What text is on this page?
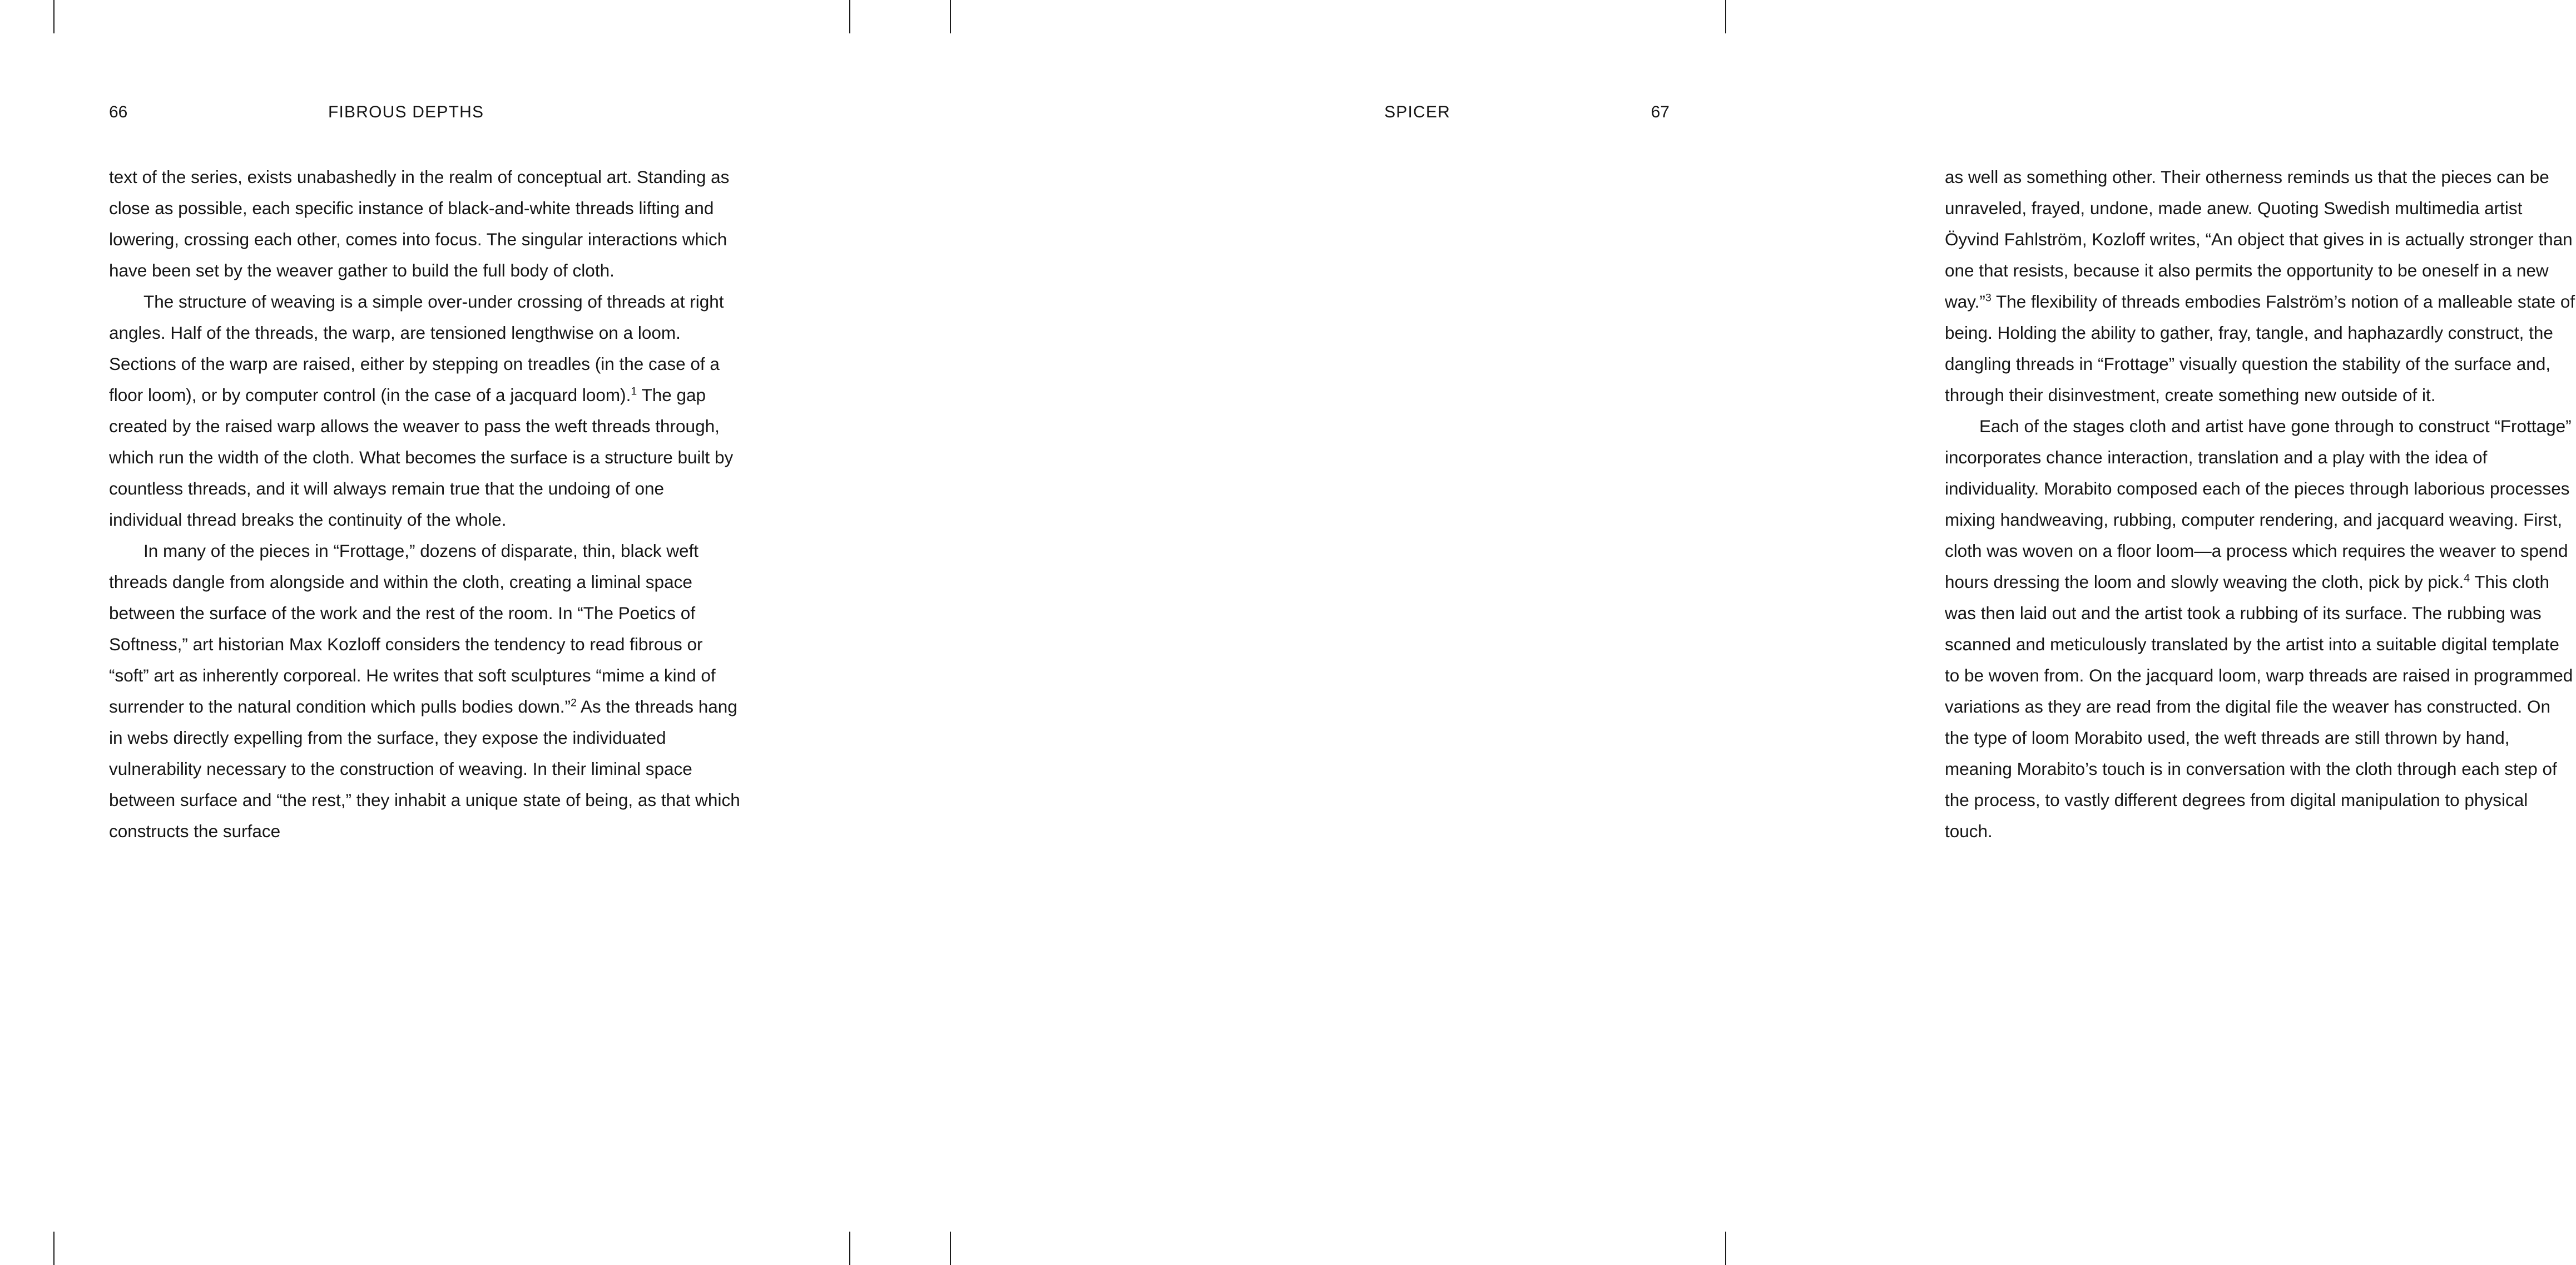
66	FIBROUS DEPTHS

text of the series, exists unabashedly in the realm of conceptual art. Standing as close as possible, each specific instance of black-and-white threads lifting and lowering, crossing each other, comes into focus. The singular interactions which have been set by the weaver gather to build the full body of cloth.

The structure of weaving is a simple over-under crossing of threads at right angles. Half of the threads, the warp, are tensioned lengthwise on a loom. Sections of the warp are raised, either by stepping on treadles (in the case of a floor loom), or by computer control (in the case of a jacquard loom).$^1$ The gap created by the raised warp allows the weaver to pass the weft threads through, which run the width of the cloth. What becomes the surface is a structure built by countless threads, and it will always remain true that the undoing of one individual thread breaks the continuity of the whole.

In many of the pieces in “Frottage,” dozens of disparate, thin, black weft threads dangle from alongside and within the cloth, creating a liminal space between the surface of the work and the rest of the room. In “The Poetics of Softness,” art historian Max Kozloff considers the tendency to read fibrous or “soft” art as inherently corporeal. He writes that soft sculptures “mime a kind of surrender to the natural condition which pulls bodies down.”$^2$ As the threads hang in webs directly expelling from the surface, they expose the individuated vulnerability necessary to the construction of weaving. In their liminal space between surface and “the rest,” they inhabit a unique state of being, as that which constructs the surface

SPICER	67

as well as something other. Their otherness reminds us that the pieces can be unraveled, frayed, undone, made anew. Quoting Swedish multimedia artist Öyvind Fahlström, Kozloff writes, “An object that gives in is actually stronger than one that resists, because it also permits the opportunity to be oneself in a new way.”$^3$ The flexibility of threads embodies Falström’s notion of a malleable state of being. Holding the ability to gather, fray, tangle, and haphazardly construct, the dangling threads in “Frottage” visually question the stability of the surface and, through their disinvestment, create something new outside of it.

Each of the stages cloth and artist have gone through to construct “Frottage” incorporates chance interaction, translation and a play with the idea of individuality. Morabito composed each of the pieces through laborious processes mixing handweaving, rubbing, computer rendering, and jacquard weaving. First, cloth was woven on a floor loom—a process which requires the weaver to spend hours dressing the loom and slowly weaving the cloth, pick by pick.$^4$ This cloth was then laid out and the artist took a rubbing of its surface. The rubbing was scanned and meticulously translated by the artist into a suitable digital template to be woven from. On the jacquard loom, warp threads are raised in programmed variations as they are read from the digital file the weaver has constructed. On the type of loom Morabito used, the weft threads are still thrown by hand, meaning Morabito’s touch is in conversation with the cloth through each step of the process, to vastly different degrees from digital manipulation to physical touch.
